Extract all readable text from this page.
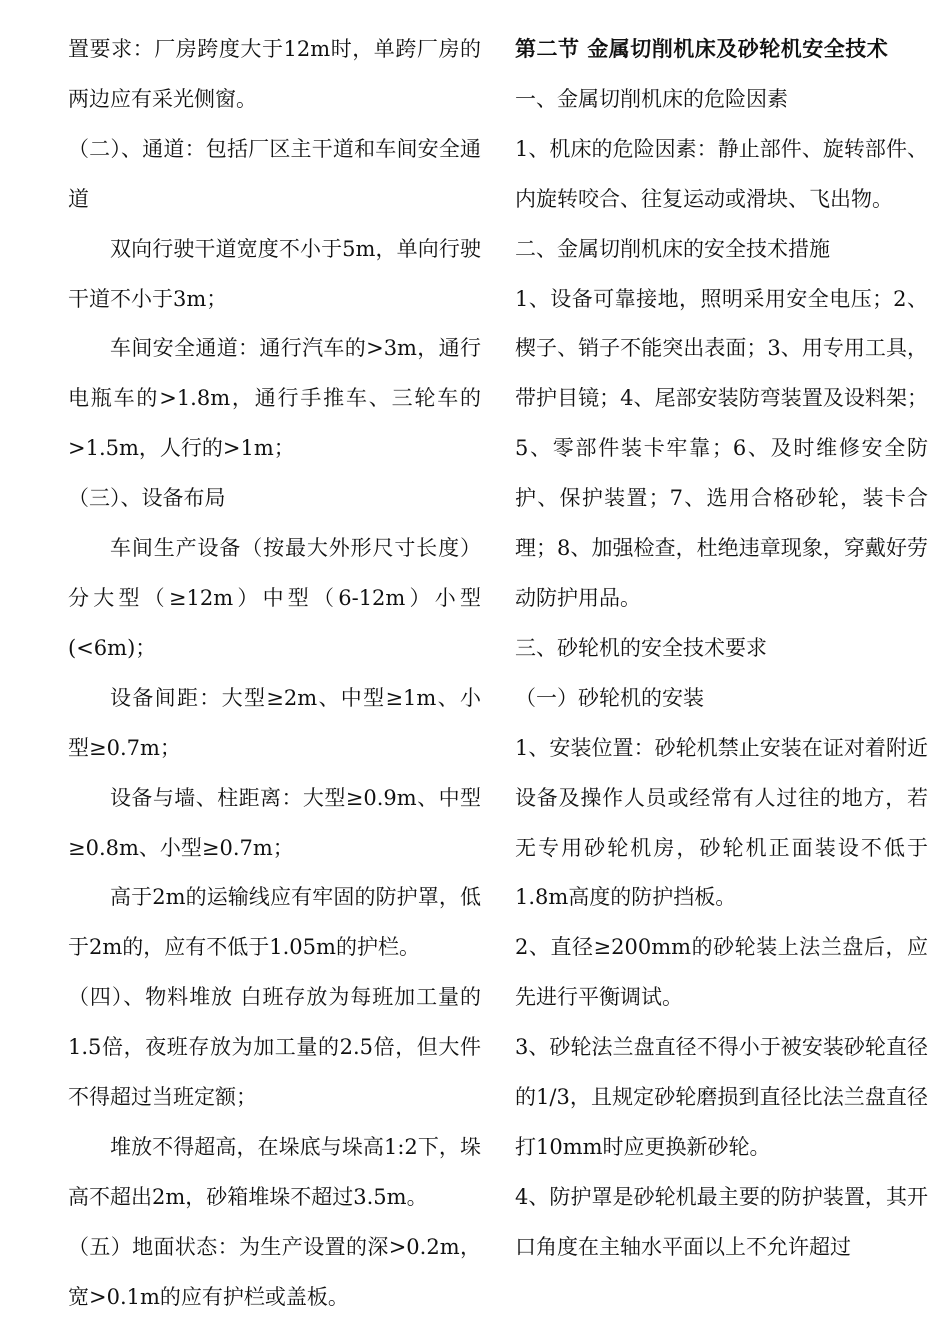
置要求：厂房跨度大于12m时，单跨厂房的两边应有采光侧窗。

（二）、通道：包括厂区主干道和车间安全通道

双向行驶干道宽度不小于5m，单向行驶干道不小于3m；

车间安全通道：通行汽车的>3m，通行电瓶车的>1.8m，通行手推车、三轮车的>1.5m，人行的>1m；

（三）、设备布局

车间生产设备（按最大外形尺寸长度）分大型（≥12m）中型（6-12m）小型(<6m)；

设备间距：大型≥2m、中型≥1m、小型≥0.7m；

设备与墙、柱距离：大型≥0.9m、中型≥0.8m、小型≥0.7m；

高于2m的运输线应有牢固的防护罩，低于2m的，应有不低于1.05m的护栏。

（四）、物料堆放 白班存放为每班加工量的1.5倍，夜班存放为加工量的2.5倍，但大件不得超过当班定额；

堆放不得超高，在垛底与垛高1:2下，垛高不超出2m，砂箱堆垛不超过3.5m。

（五）地面状态：为生产设置的深>0.2m，宽>0.1m的应有护栏或盖板。

第二节 金属切削机床及砂轮机安全技术

一、金属切削机床的危险因素

1、机床的危险因素：静止部件、旋转部件、内旋转咬合、往复运动或滑块、飞出物。

二、金属切削机床的安全技术措施

1、设备可靠接地，照明采用安全电压；2、楔子、销子不能突出表面；3、用专用工具，带护目镜；4、尾部安装防弯装置及设料架；5、零部件装卡牢靠；6、及时维修安全防护、保护装置；7、选用合格砂轮，装卡合理；8、加强检查，杜绝违章现象，穿戴好劳动防护用品。

三、砂轮机的安全技术要求

（一）砂轮机的安装

1、安装位置：砂轮机禁止安装在证对着附近设备及操作人员或经常有人过往的地方，若无专用砂轮机房，砂轮机正面装设不低于1.8m高度的防护挡板。

2、直径≥200mm的砂轮装上法兰盘后，应先进行平衡调试。

3、砂轮法兰盘直径不得小于被安装砂轮直径的1/3，且规定砂轮磨损到直径比法兰盘直径打10mm时应更换新砂轮。

4、防护罩是砂轮机最主要的防护装置，其开口角度在主轴水平面以上不允许超过
